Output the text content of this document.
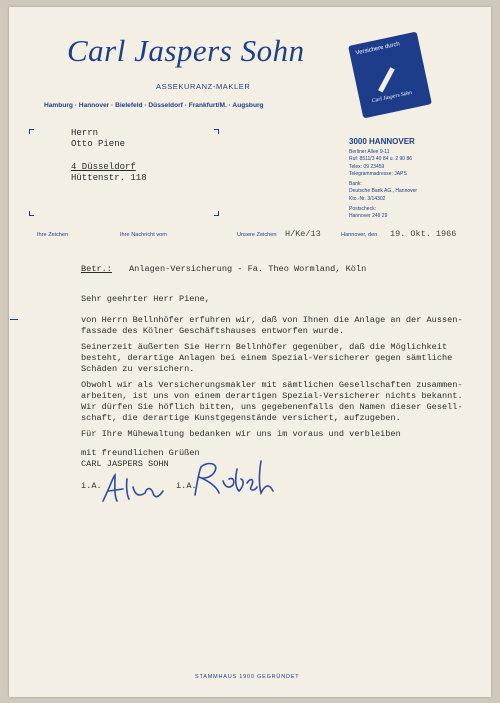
Carl Jaspers Sohn
ASSEKURANZ-MAKLER
Hamburg · Hannover · Bielefeld · Düsseldorf · Frankfurt/M. · Augsburg
Versichere durch
Carl Jaspers Sohn
Herrn
Otto Piene
4 Düsseldorf
Hüttenstr. 118
3000 HANNOVER
Berliner Allee 9-11
Ruf: 8511/3 40 84 u. 2 90 86
Telex: 09 23459
Telegrammadresse: JAPS
Bank:
Deutsche Bank AG., Hannover
Kto.-Nr. 3/14302
Postscheck:
Hannover 249 29
Ihre Zeichen	Ihre Nachricht vom	Unsere Zeichen H/Ke/13	Hannover, den 19. Okt. 1966
Betr.: Anlagen-Versicherung - Fa. Theo Wormland, Köln
Sehr geehrter Herr Piene,
von Herrn Bellnhöfer erfuhren wir, daß von Ihnen die Anlage an der Aussen-
fassade des Kölner Geschäftshauses entworfen wurde.
Seinerzeit äußerten Sie Herrn Bellnhöfer gegenüber, daß die Möglichkeit
besteht, derartige Anlagen bei einem Spezial-Versicherer gegen sämtliche
Schäden zu versichern.
Obwohl wir als Versicherungsmakler mit sämtlichen Gesellschaften zusammen-
arbeiten, ist uns von einem derartigen Spezial-Versicherer nichts bekannt.
Wir dürfen Sie höflich bitten, uns gegebenenfalls den Namen dieser Gesell-
schaft, die derartige Kunstgegenstände versichert, aufzugeben.
Für Ihre Mühewaltung bedanken wir uns im voraus und verbleiben
mit freundlichen Grüßen
CARL JASPERS SOHN
i.A.	i.A.
STAMMHAUS 1900 GEGRÜNDET
